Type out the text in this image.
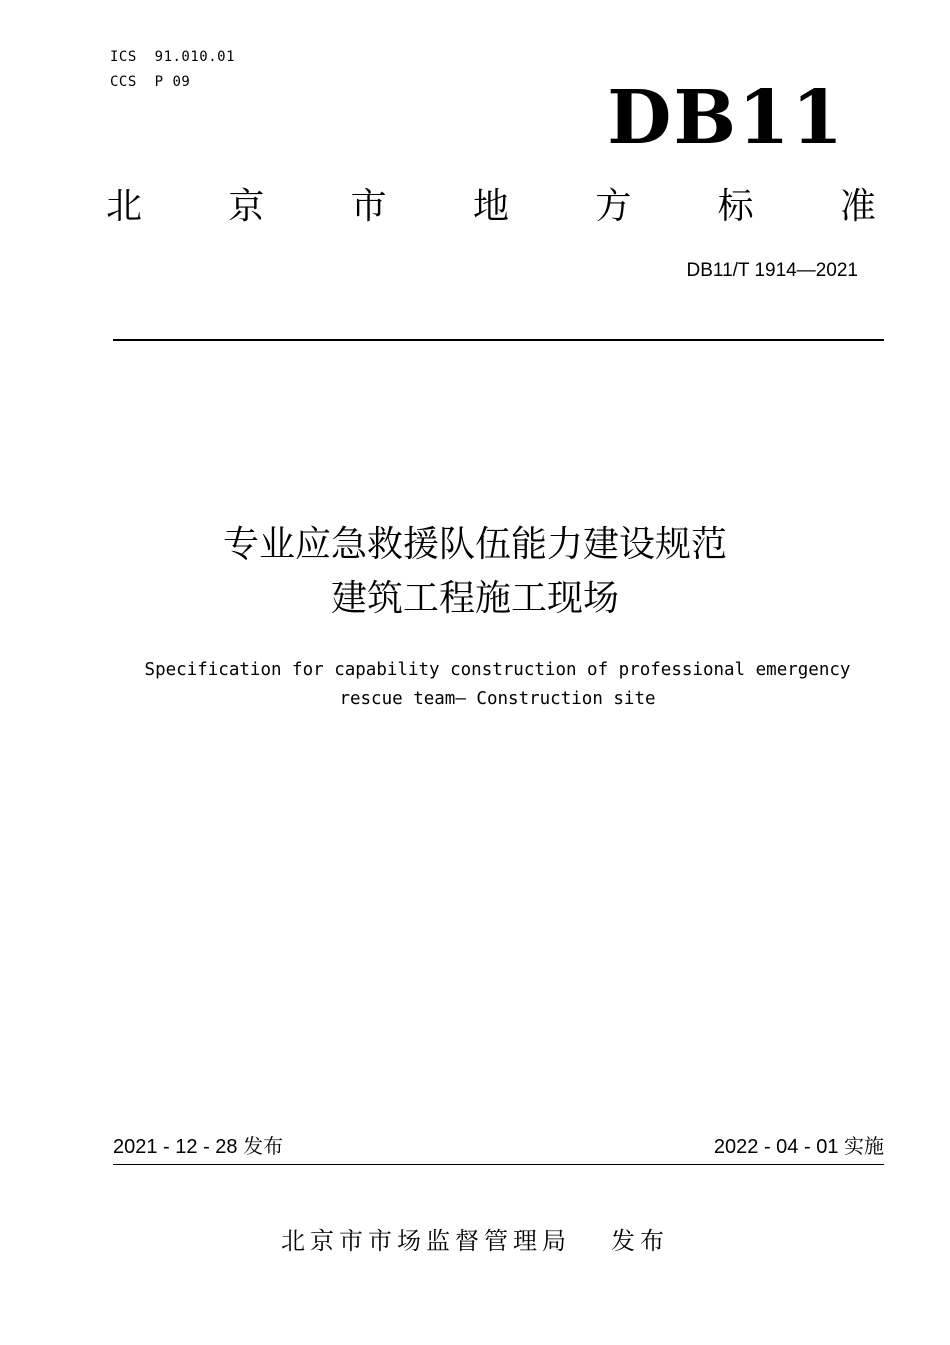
ICS  91.010.01
CCS  P 09	DB11
北 京 市 地 方 标 准
DB11/T 1914—2021
专业应急救援队伍能力建设规范
建筑工程施工现场
Specification for capability construction of professional emergency
rescue team— Construction site
2021 - 12 - 28 发布	2022 - 04 - 01 实施
北京市市场监督管理局 发布
